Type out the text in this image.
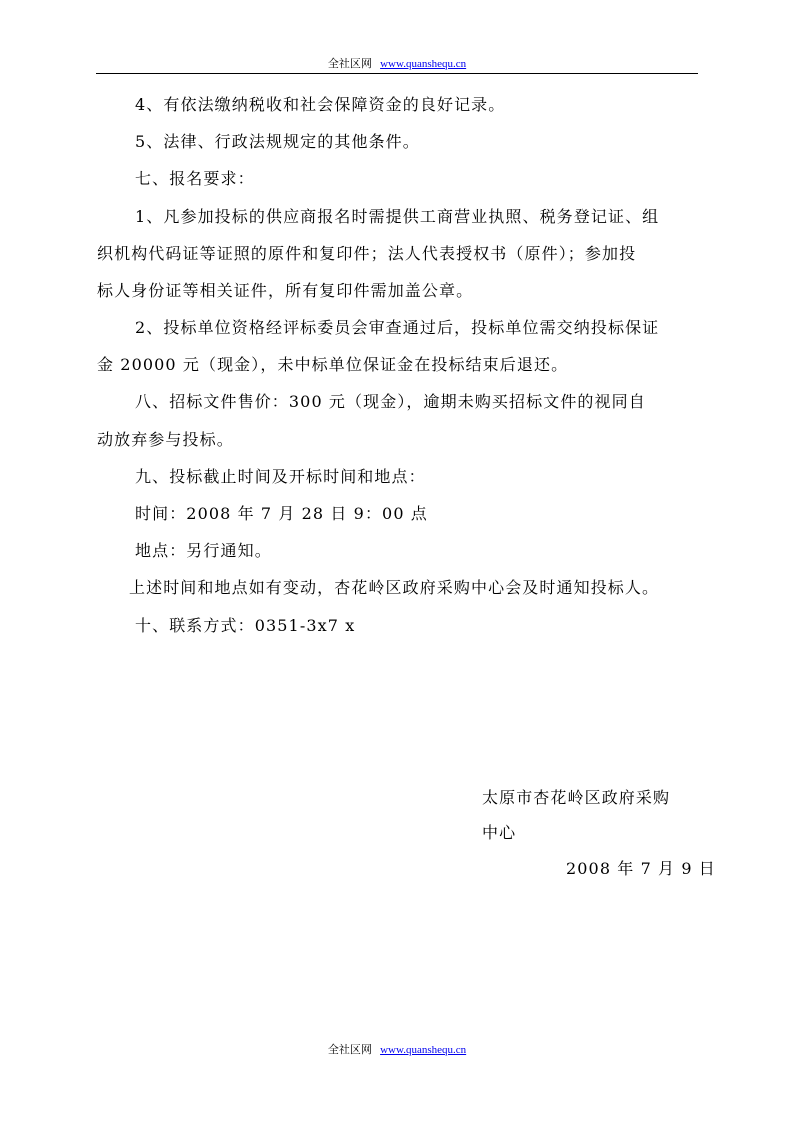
全社区网 www.quanshequ.cn
4、有依法缴纳税收和社会保障资金的良好记录。
5、法律、行政法规规定的其他条件。
七、报名要求：
1、凡参加投标的供应商报名时需提供工商营业执照、税务登记证、组
织机构代码证等证照的原件和复印件；法人代表授权书（原件）；参加投
标人身份证等相关证件，所有复印件需加盖公章。
2、投标单位资格经评标委员会审查通过后，投标单位需交纳投标保证
金 20000 元（现金），未中标单位保证金在投标结束后退还。
八、招标文件售价：300 元（现金），逾期未购买招标文件的视同自
动放弃参与投标。
九、投标截止时间及开标时间和地点：
时间：2008 年 7 月 28 日 9：00 点
地点：另行通知。
上述时间和地点如有变动，杏花岭区政府采购中心会及时通知投标人。
十、联系方式：0351-3x7 x
太原市杏花岭区政府采购
中心
2008 年 7 月 9 日
全社区网 www.quanshequ.cn
